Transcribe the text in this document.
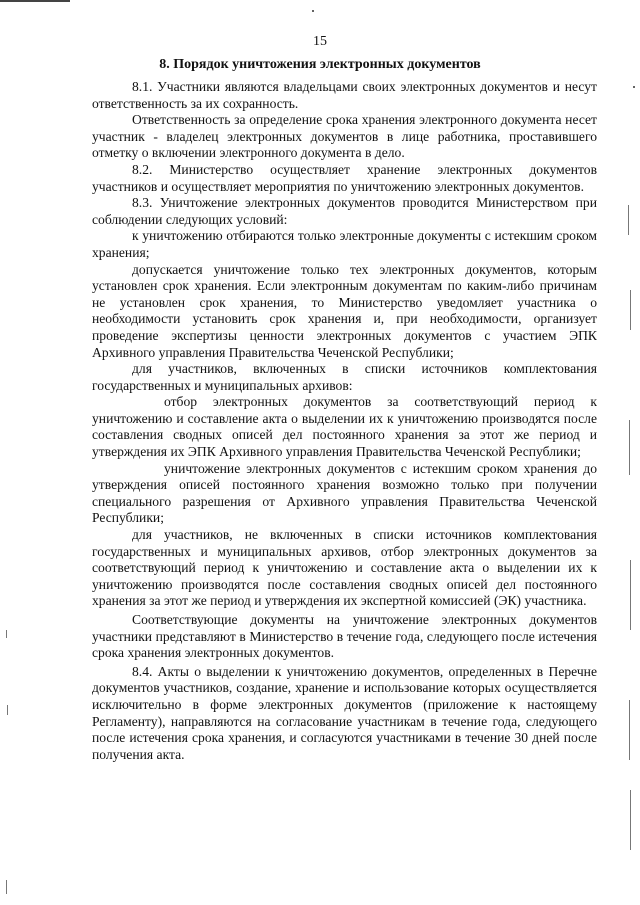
15
8. Порядок уничтожения электронных документов

8.1. Участники являются владельцами своих электронных документов и несут ответственность за их сохранность.

Ответственность за определение срока хранения электронного документа несет участник - владелец электронных документов в лице работника, проставившего отметку о включении электронного документа в дело.

8.2. Министерство осуществляет хранение электронных документов участников и осуществляет мероприятия по уничтожению электронных документов.

8.3. Уничтожение электронных документов проводится Министерством при соблюдении следующих условий:

к уничтожению отбираются только электронные документы с истекшим сроком хранения;

допускается уничтожение только тех электронных документов, которым установлен срок хранения. Если электронным документам по каким-либо причинам не установлен срок хранения, то Министерство уведомляет участника о необходимости установить срок хранения и, при необходимости, организует проведение экспертизы ценности электронных документов с участием ЭПК Архивного управления Правительства Чеченской Республики;

для участников, включенных в списки источников комплектования государственных и муниципальных архивов:

отбор электронных документов за соответствующий период к уничтожению и составление акта о выделении их к уничтожению производятся после составления сводных описей дел постоянного хранения за этот же период и утверждения их ЭПК Архивного управления Правительства Чеченской Республики;

уничтожение электронных документов с истекшим сроком хранения до утверждения описей постоянного хранения возможно только при получении специального разрешения от Архивного управления Правительства Чеченской Республики;

для участников, не включенных в списки источников комплектования государственных и муниципальных архивов, отбор электронных документов за соответствующий период к уничтожению и составление акта о выделении их к уничтожению производятся после составления сводных описей дел постоянного хранения за этот же период и утверждения их экспертной комиссией (ЭК) участника.

Соответствующие документы на уничтожение электронных документов участники представляют в Министерство в течение года, следующего после истечения срока хранения электронных документов.

8.4. Акты о выделении к уничтожению документов, определенных в Перечне документов участников, создание, хранение и использование которых осуществляется исключительно в форме электронных документов (приложение к настоящему Регламенту), направляются на согласование участникам в течение года, следующего после истечения срока хранения, и согласуются участниками в течение 30 дней после получения акта.
